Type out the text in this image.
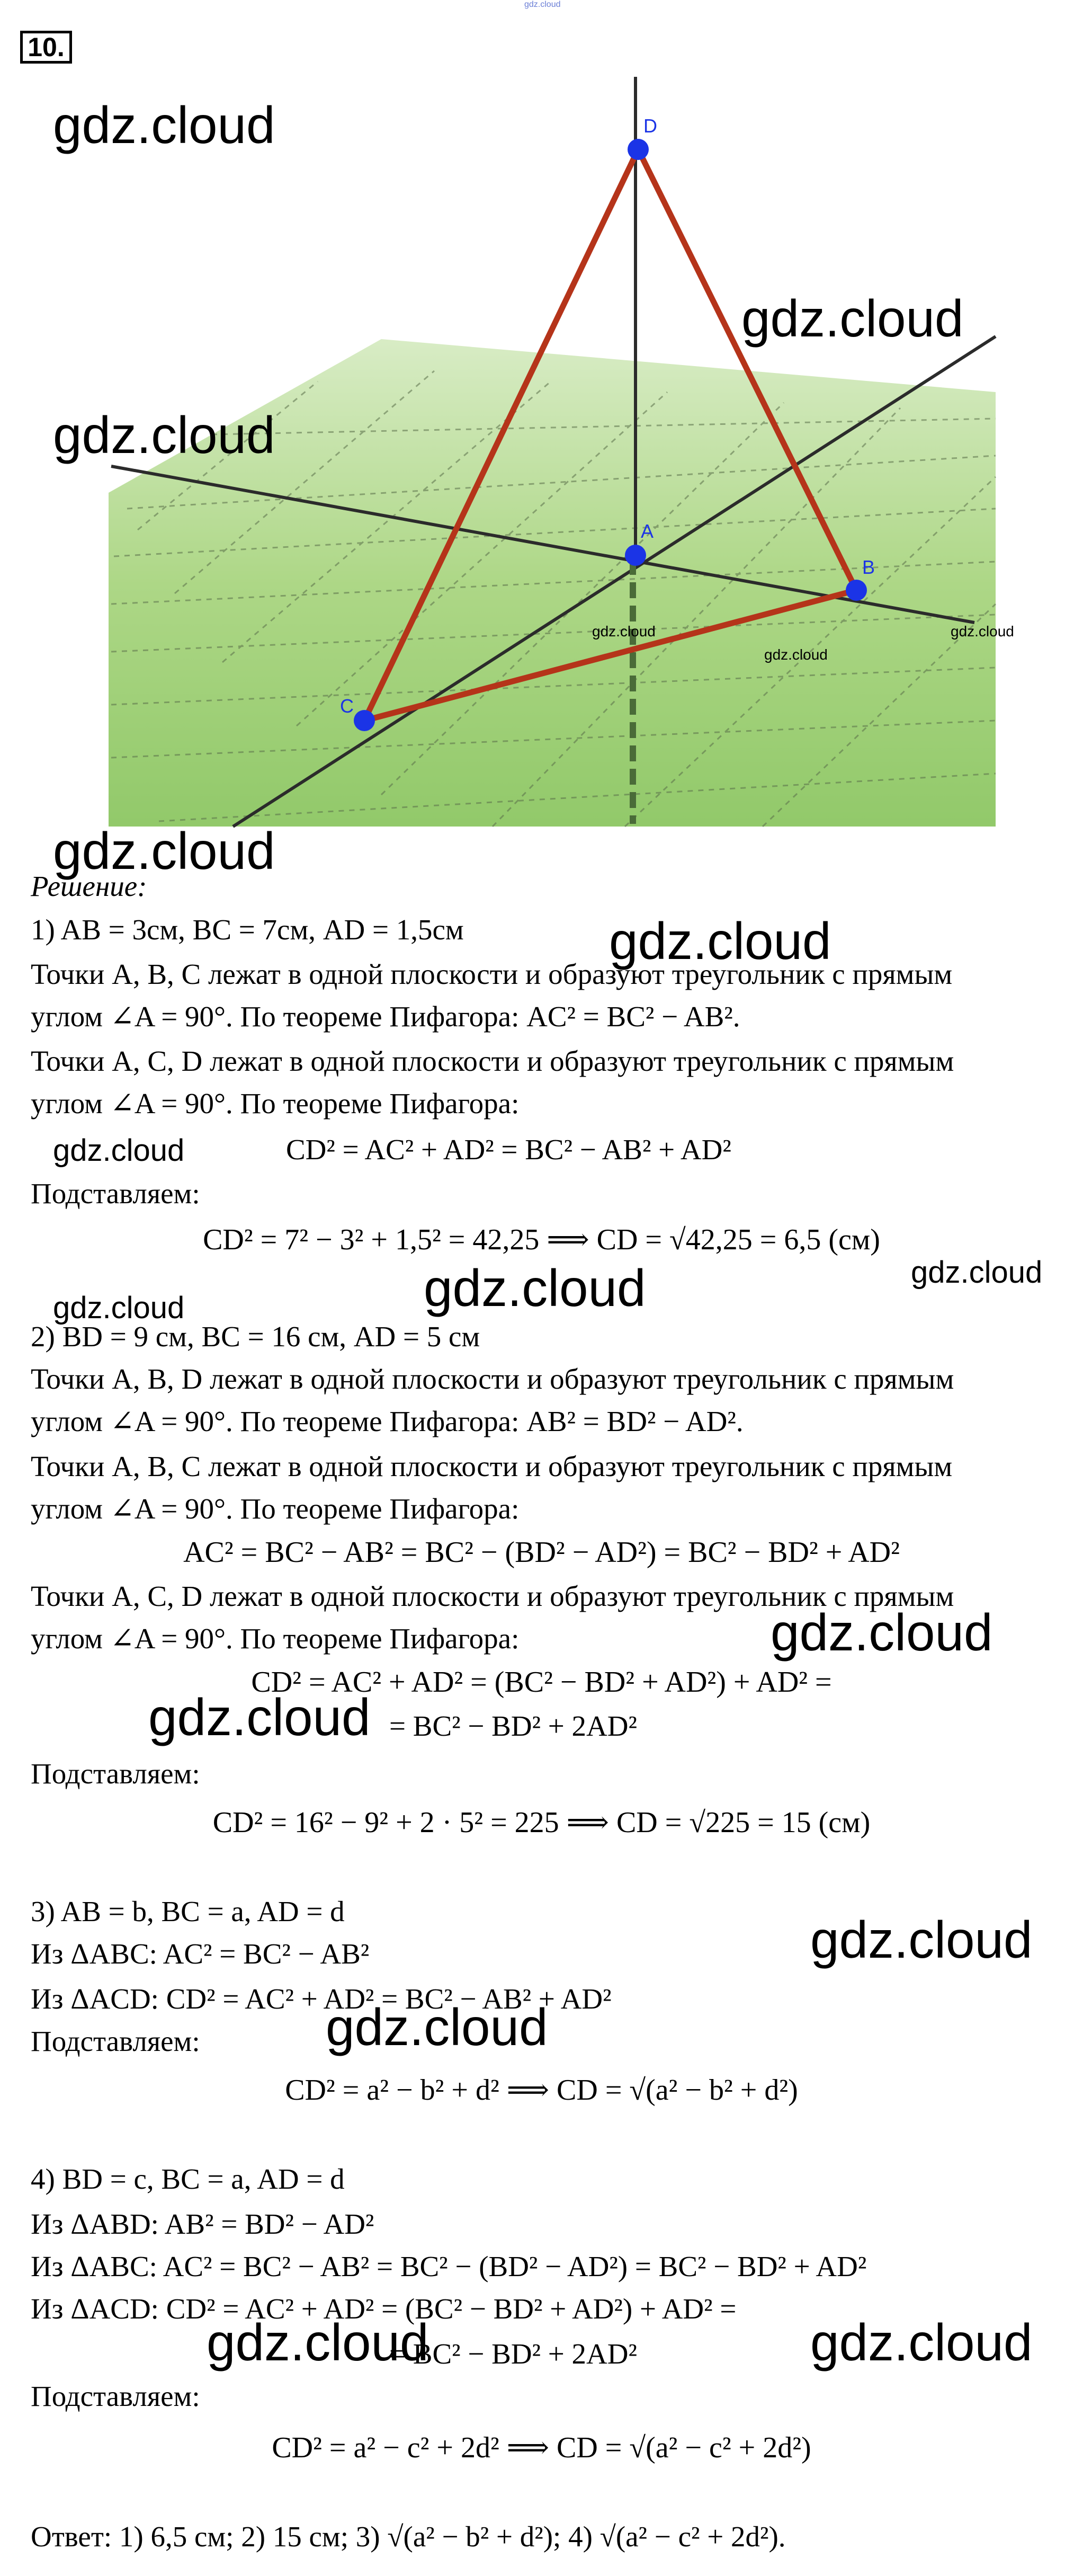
gdz.cloud
10.
D
A
B
C
gdz.cloud
gdz.cloud
gdz.cloud
gdz.cloud	gdz.cloud
gdz.cloud
gdz.cloud
gdz.cloud
gdz.cloud
gdz.cloud	gdz.cloud
gdz.cloud
gdz.cloud
gdz.cloud
gdz.cloud
gdz.cloud
gdz.cloud	gdz.cloud
Решение:
1) AB = 3см, BC = 7см, AD = 1,5см
Точки A, B, C лежат в одной плоскости и образуют треугольник с прямым
углом ∠A = 90°. По теореме Пифагора: AC² = BC² − AB².
Точки A, C, D лежат в одной плоскости и образуют треугольник с прямым
углом ∠A = 90°. По теореме Пифагора:
CD² = AC² + AD² = BC² − AB² + AD²
Подставляем:
CD² = 7² − 3² + 1,5² = 42,25 ⟹ CD = √42,25 = 6,5 (см)
2) BD = 9 см, BC = 16 см, AD = 5 см
Точки A, B, D лежат в одной плоскости и образуют треугольник с прямым
углом ∠A = 90°. По теореме Пифагора: AB² = BD² − AD².
Точки A, B, C лежат в одной плоскости и образуют треугольник с прямым
углом ∠A = 90°. По теореме Пифагора:
AC² = BC² − AB² = BC² − (BD² − AD²) = BC² − BD² + AD²
Точки A, C, D лежат в одной плоскости и образуют треугольник с прямым
углом ∠A = 90°. По теореме Пифагора:
CD² = AC² + AD² = (BC² − BD² + AD²) + AD² =
= BC² − BD² + 2AD²
Подставляем:
CD² = 16² − 9² + 2 · 5² = 225 ⟹ CD = √225 = 15 (см)
3) AB = b, BC = a, AD = d
Из ΔABC: AC² = BC² − AB²
Из ΔACD: CD² = AC² + AD² = BC² − AB² + AD²
Подставляем:
CD² = a² − b² + d² ⟹ CD = √(a² − b² + d²)
4) BD = c, BC = a, AD = d
Из ΔABD: AB² = BD² − AD²
Из ΔABC: AC² = BC² − AB² = BC² − (BD² − AD²) = BC² − BD² + AD²
Из ΔACD: CD² = AC² + AD² = (BC² − BD² + AD²) + AD² =
= BC² − BD² + 2AD²
Подставляем:
CD² = a² − c² + 2d² ⟹ CD = √(a² − c² + 2d²)
Ответ: 1) 6,5 см; 2) 15 см; 3) √(a² − b² + d²); 4) √(a² − c² + 2d²).
